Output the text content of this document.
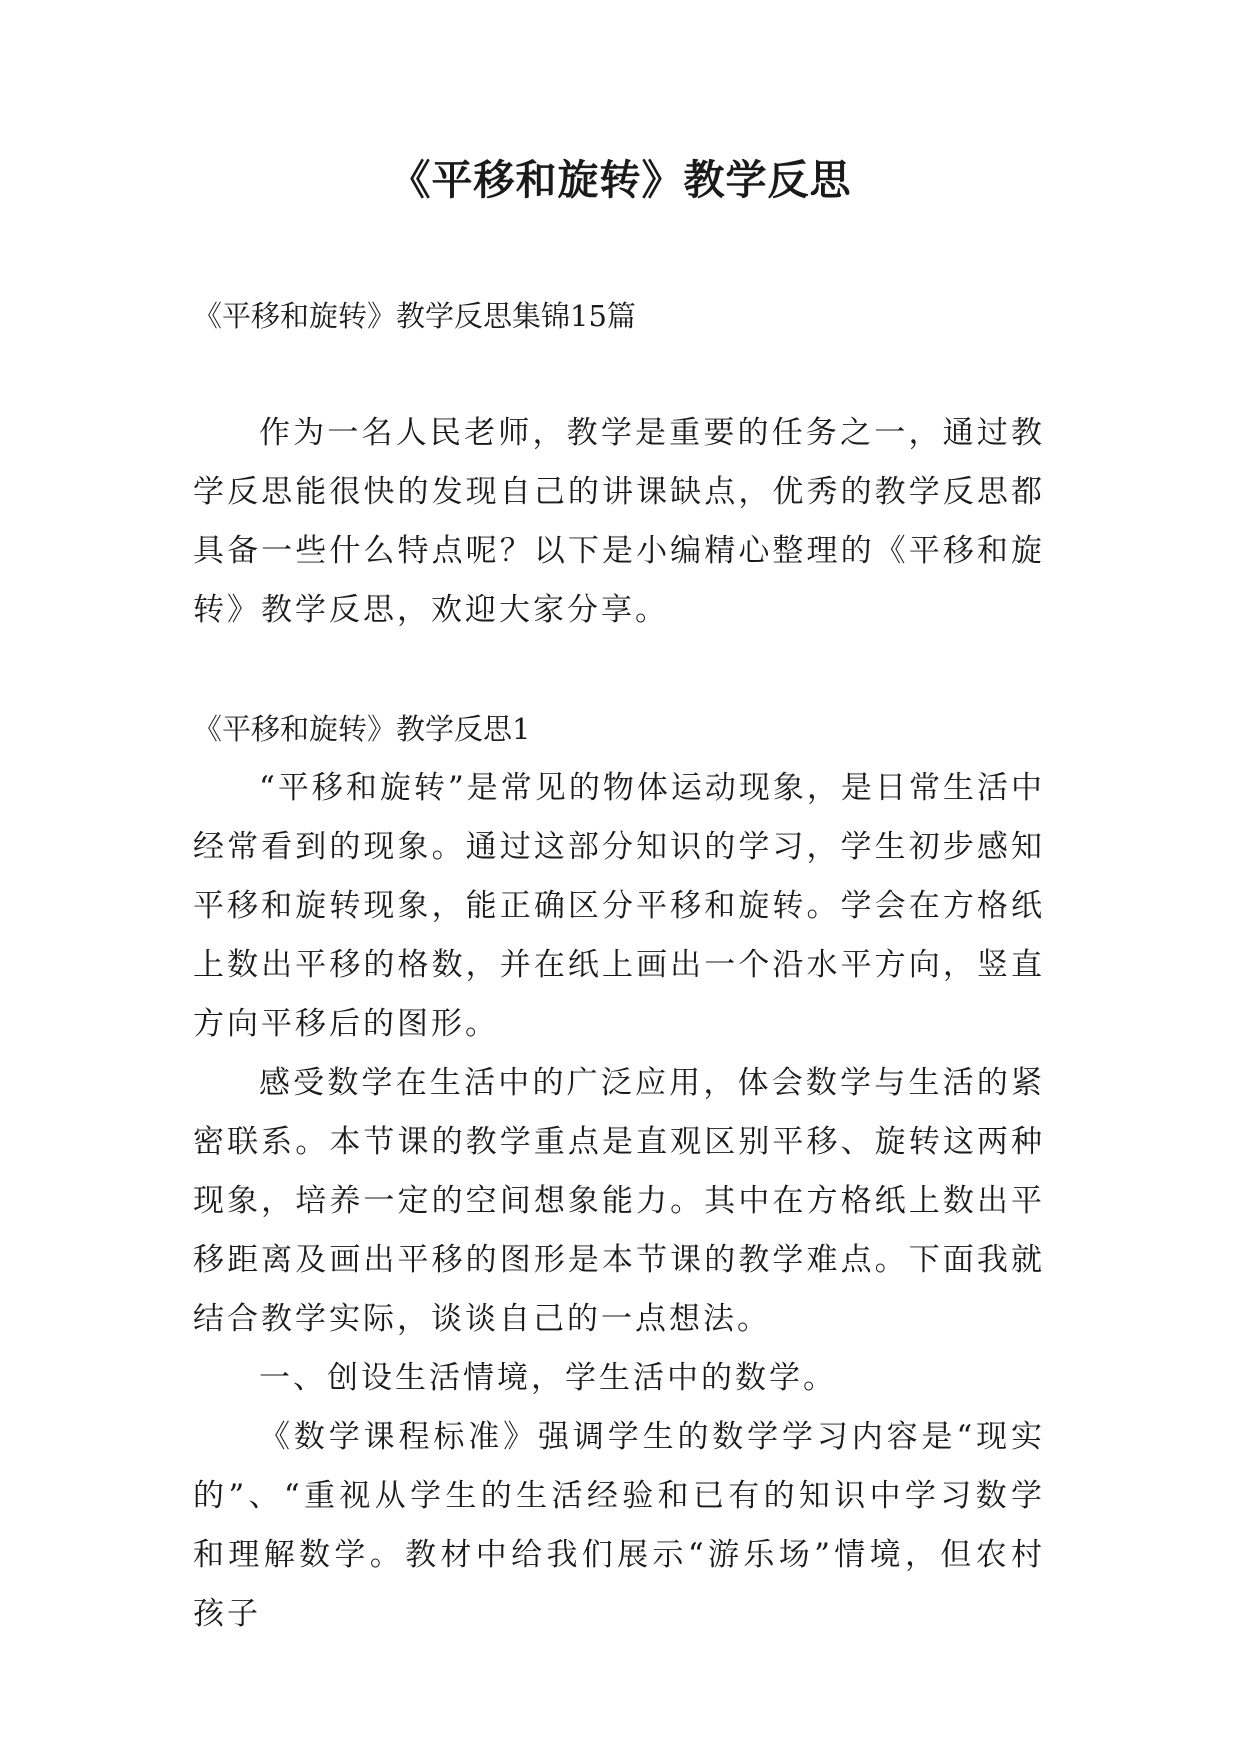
《平移和旋转》教学反思

《平移和旋转》教学反思集锦15篇

作为一名人民老师，教学是重要的任务之一，通过教学反思能很快的发现自己的讲课缺点，优秀的教学反思都具备一些什么特点呢？以下是小编精心整理的《平移和旋转》教学反思，欢迎大家分享。

《平移和旋转》教学反思1

“平移和旋转”是常见的物体运动现象，是日常生活中经常看到的现象。通过这部分知识的学习，学生初步感知平移和旋转现象，能正确区分平移和旋转。学会在方格纸上数出平移的格数，并在纸上画出一个沿水平方向，竖直方向平移后的图形。

感受数学在生活中的广泛应用，体会数学与生活的紧密联系。本节课的教学重点是直观区别平移、旋转这两种现象，培养一定的空间想象能力。其中在方格纸上数出平移距离及画出平移的图形是本节课的教学难点。下面我就结合教学实际，谈谈自己的一点想法。

一、创设生活情境，学生活中的数学。

《数学课程标准》强调学生的数学学习内容是“现实的”、“重视从学生的生活经验和已有的知识中学习数学和理解数学。教材中给我们展示“游乐场”情境，但农村孩子
